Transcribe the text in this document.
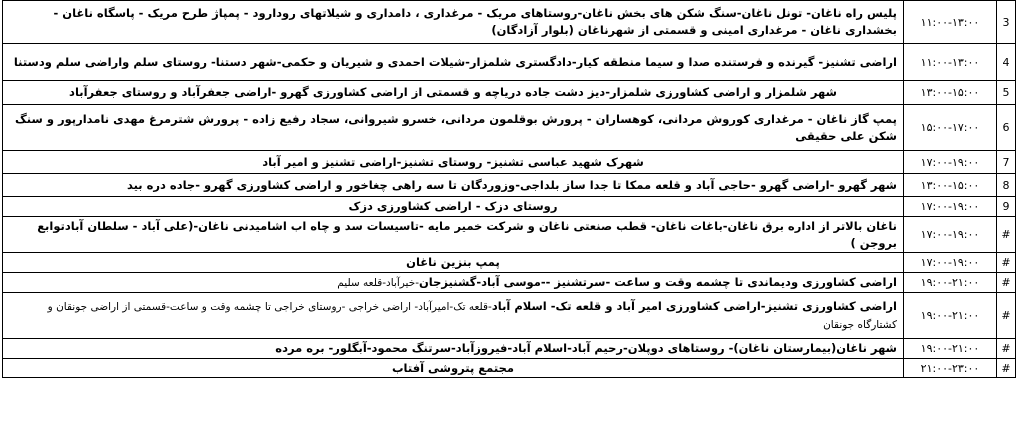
3	۱۱:۰۰-۱۳:۰۰	پلیس راه ناغان- تونل ناغان-سنگ شکن های بخش ناغان-روستاهای مریک - مرغداری ، دامداری و شیلاتهای رودارود - پمپاژ طرح مریک - پاسگاه ناغان - بخشداری ناغان - مرغداری امینی و قسمتی از شهرناغان (بلوار آزادگان)
4	۱۱:۰۰-۱۳:۰۰	اراضی تشنیز- گیرنده و فرستنده صدا و سیما منطقه کیار-دادگستری شلمزار-شیلات احمدی و شیریان و حکمی-شهر دستنا- روستای سلم واراضی سلم ودستنا
5	۱۳:۰۰-۱۵:۰۰	شهر شلمزار و اراضی کشاورزی شلمزار-دیز دشت جاده دریاچه و قسمتی از اراضی کشاورزی گهرو -اراضی جعفرآباد و روستای جعفرآباد
6	۱۵:۰۰-۱۷:۰۰	پمپ گاز ناغان - مرغداری کوروش مردانی، کوهساران - پرورش بوقلمون مردانی، خسرو شیروانی، سجاد رفیع زاده - پرورش شترمرغ مهدی نامدارپور و سنگ شکن علی حقیقی
7	۱۷:۰۰-۱۹:۰۰	شهرک شهید عباسی تشنیز- روستای تشنیز-اراضی تشنیز و امیر آباد
8	۱۳:۰۰-۱۵:۰۰	شهر گهرو -اراضی گهرو -حاجی آباد و قلعه ممکا تا جدا ساز بلداجی-وزوردگان تا سه راهی چغاخور و اراضی کشاورزی گهرو -جاده دره بید
9	۱۷:۰۰-۱۹:۰۰	روستای دزک - اراضی کشاورزی دزک
#	۱۷:۰۰-۱۹:۰۰	ناغان بالاتر از اداره برق ناغان-باغات ناغان- قطب صنعتی ناغان و شرکت خمیر مایه -تاسیسات سد و چاه اب اشامیدنی ناغان-(علی آباد - سلطان آبادتوابع بروجن )
#	۱۷:۰۰-۱۹:۰۰	پمپ بنزین ناغان
#	۱۹:۰۰-۲۱:۰۰	اراضی کشاورزی ودیماندی تا چشمه وقت و ساعت -سرتشنیز --موسی آباد-گشنیزجان-خیرآباد-قلعه سلیم
#	۱۹:۰۰-۲۱:۰۰	اراضی کشاورزی تشنیز-اراضی کشاورزی امیر آباد و قلعه تک- اسلام آباد-قلعه تک-امیرآباد- اراضی خراجی -روستای خراجی تا چشمه وقت و ساعت-قسمتی از اراضی جونقان و کشتارگاه جونقان
#	۱۹:۰۰-۲۱:۰۰	شهر ناغان(بیمارستان ناغان)- روستاهای دوپلان-رحیم آباد-اسلام آباد-فیروزآباد-سرتنگ محمود-آبگلور- بره مرده
#	۲۱:۰۰-۲۳:۰۰	مجتمع پتروشی آفتاب
